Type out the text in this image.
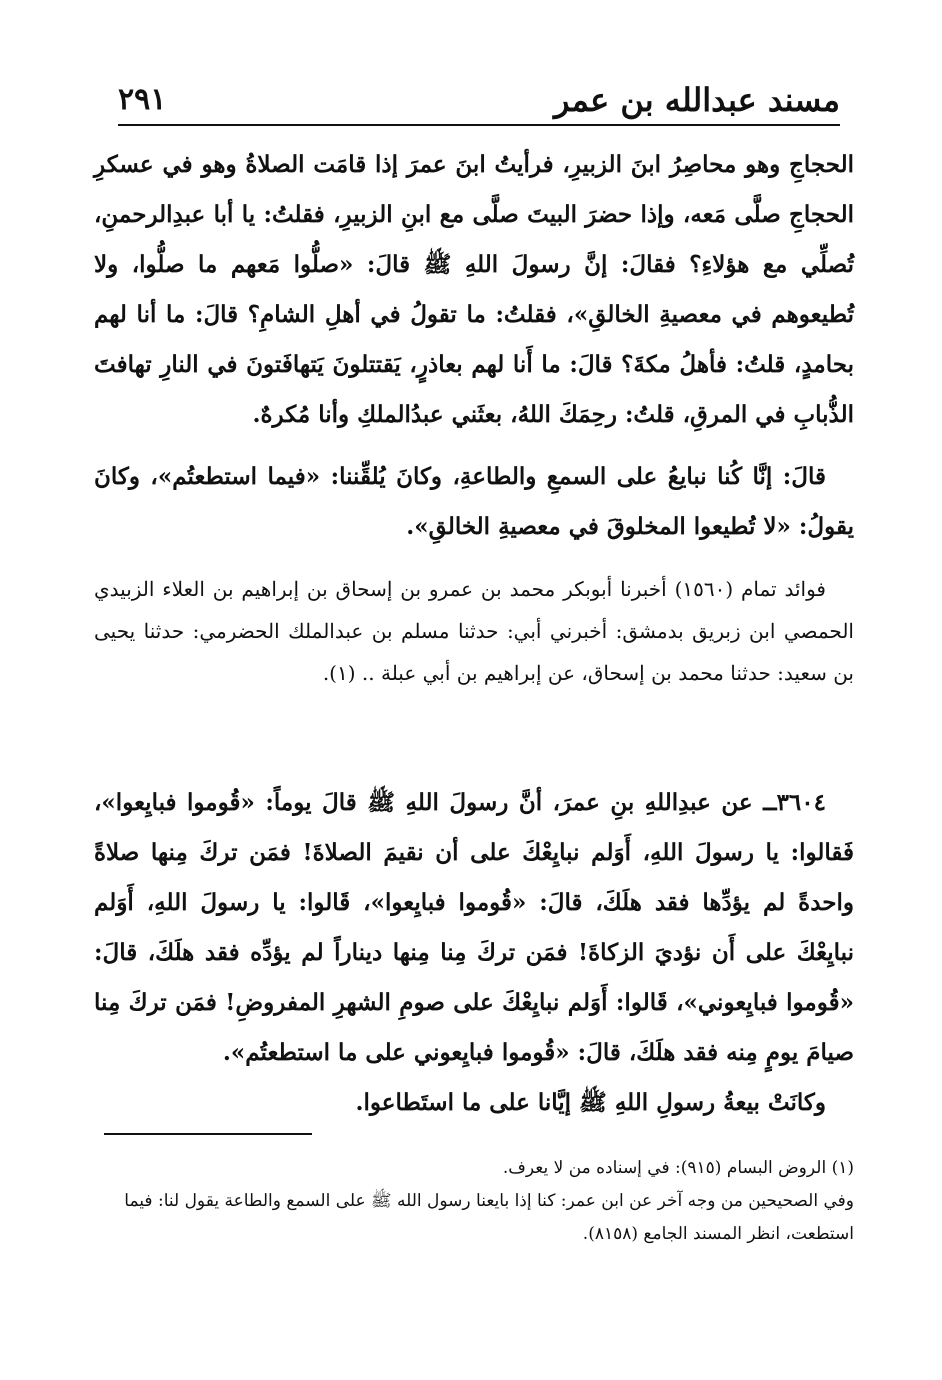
مسند عبدالله بن عمر
٢٩١

الحجاجِ وهو محاصِرُ ابنَ الزبيرِ، فرأيتُ ابنَ عمرَ إذا قامَت الصلاةُ وهو في عسكرِ الحجاجِ صلَّى مَعه، وإذا حضرَ البيتَ صلَّى مع ابنِ الزبيرِ، فقلتُ: يا أبا عبدِالرحمنِ، تُصلِّي مع هؤلاءِ؟ فقالَ: إنَّ رسولَ اللهِ ﷺ قالَ: «صلُّوا مَعهم ما صلُّوا، ولا تُطيعوهم في معصيةِ الخالقِ»، فقلتُ: ما تقولُ في أهلِ الشامِ؟ قالَ: ما أنا لهم بحامدٍ، قلتُ: فأهلُ مكةَ؟ قالَ: ما أَنا لهم بعاذرٍ، يَقتتلونَ يَتهافَتونَ في النارِ تهافتَ الذُّبابِ في المرقِ، قلتُ: رحِمَكَ اللهُ، بعثَني عبدُالملكِ وأنا مُكرهٌ.

قالَ: إنَّا كُنا نبايعُ على السمعِ والطاعةِ، وكانَ يُلقِّننا: «فيما استطعتُم»، وكانَ يقولُ: «لا تُطيعوا المخلوقَ في معصيةِ الخالقِ».

فوائد تمام (١٥٦٠) أخبرنا أبوبكر محمد بن عمرو بن إسحاق بن إبراهيم بن العلاء الزبيدي الحمصي ابن زبريق بدمشق: أخبرني أبي: حدثنا مسلم بن عبدالملك الحضرمي: حدثنا يحيى بن سعيد: حدثنا محمد بن إسحاق، عن إبراهيم بن أبي عبلة .. (١).

٣٦٠٤ــ عن عبدِاللهِ بنِ عمرَ، أنَّ رسولَ اللهِ ﷺ قالَ يوماً: «قُوموا فبايِعوا»، فَقالوا: يا رسولَ اللهِ، أَوَلم نبايِعْكَ على أن نقيمَ الصلاةَ! فمَن تركَ مِنها صلاةً واحدةً لم يؤدِّها فقد هلَكَ، قالَ: «قُوموا فبايِعوا»، قَالوا: يا رسولَ اللهِ، أَوَلم نبايِعْكَ على أَن نؤديَ الزكاةَ! فمَن تركَ مِنا مِنها ديناراً لم يؤدِّه فقد هلَكَ، قالَ: «قُوموا فبايِعوني»، قَالوا: أَوَلم نبايِعْكَ على صومِ الشهرِ المفروضِ! فمَن تركَ مِنا صيامَ يومٍ مِنه فقد هلَكَ، قالَ: «قُوموا فبايِعوني على ما استطعتُم».

وكانَتْ بيعةُ رسولِ اللهِ ﷺ إيَّانا على ما استَطاعوا.

(١) الروض البسام (٩١٥): في إسناده من لا يعرف.

وفي الصحيحين من وجه آخر عن ابن عمر: كنا إذا بايعنا رسول الله ﷺ على السمع والطاعة يقول لنا: فيما استطعت، انظر المسند الجامع (٨١٥٨).
